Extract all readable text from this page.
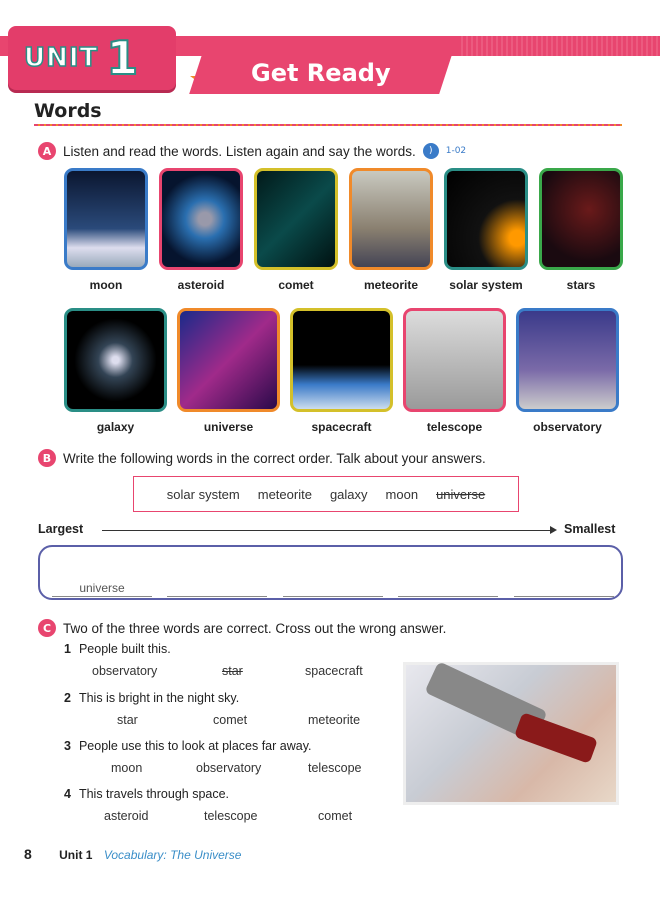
UNIT 1	Get Ready
Words
A Listen and read the words. Listen again and say the words.	)	1-02
moon	asteroid	comet	meteorite	solar system	stars
galaxy	universe	spacecraft	telescope	observatory
B Write the following words in the correct order. Talk about your answers.
solar system meteorite galaxy moon universe
Largest	Smallest
universe
C Two of the three words are correct. Cross out the wrong answer.
1 People built this.
observatory	star	spacecraft
2 This is bright in the night sky.
star	comet	meteorite
3 People use this to look at places far away.
moon	observatory	telescope
4 This travels through space.
asteroid	telescope	comet
8 Unit 1 Vocabulary: The Universe
